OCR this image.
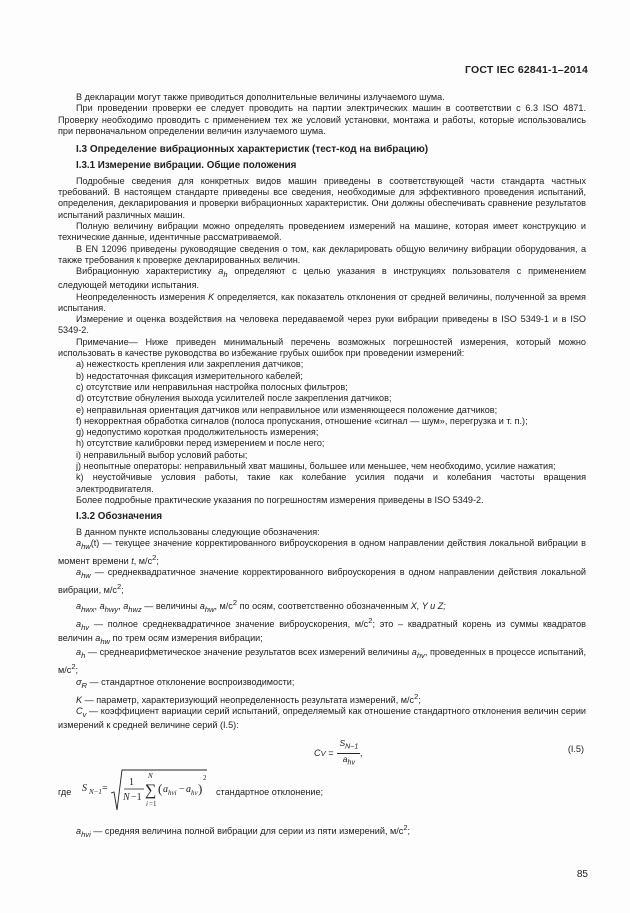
ГОСТ IEC 62841-1–2014

В декларации могут также приводиться дополнительные величины излучаемого шума.

При проведении проверки ее следует проводить на партии электрических машин в соответствии с 6.3 ISO 4871. Проверку необходимо проводить с применением тех же условий установки, монтажа и работы, которые использовались при первоначальном определении величин излучаемого шума.

I.3 Определение вибрационных характеристик (тест-код на вибрацию)
I.3.1 Измерение вибрации. Общие положения

Подробные сведения для конкретных видов машин приведены в соответствующей части стандарта частных требований. В настоящем стандарте приведены все сведения, необходимые для эффективного проведения испытаний, определения, декларирования и проверки вибрационных характеристик. Они должны обеспечивать сравнение результатов испытаний различных машин.

Полную величину вибрации можно определять проведением измерений на машине, которая имеет конструкцию и технические данные, идентичные рассматриваемой.

В EN 12096 приведены руководящие сведения о том, как декларировать общую величину вибрации оборудования, а также требования к проверке декларированных величин.

Вибрационную характеристику $a_h$ определяют с целью указания в инструкциях пользователя с применением следующей методики испытания.

Неопределенность измерения K определяется, как показатель отклонения от средней величины, полученной за время испытания.

Измерение и оценка воздействия на человека передаваемой через руки вибрации приведены в ISO 5349-1 и в ISO 5349-2.

Примечание— Ниже приведен минимальный перечень возможных погрешностей измерения, который можно использовать в качестве руководства во избежание грубых ошибок при проведении измерений:

a) нежесткость крепления или закрепления датчиков;

b) недостаточная фиксация измерительного кабелей;

c) отсутствие или неправильная настройка полосных фильтров;

d) отсутствие обнуления выхода усилителей после закрепления датчиков;

e) неправильная ориентация датчиков или неправильное или изменяющееся положение датчиков;

f) некорректная обработка сигналов (полоса пропускания, отношение «сигнал — шум», перегрузка и т. п.);

g) недопустимо короткая продолжительность измерения;

h) отсутствие калибровки перед измерением и после него;

i) неправильный выбор условий работы;

j) неопытные операторы: неправильный хват машины, большее или меньшее, чем необходимо, усилие нажатия;

k) неустойчивые условия работы, такие как колебание усилия подачи и колебания частоты вращения электродвигателя.

Более подробные практические указания по погрешностям измерения приведены в ISO 5349-2.

I.3.2 Обозначения

В данном пункте использованы следующие обозначения:

$a_{hw}(t)$ — текущее значение корректированного виброускорения в одном направлении действия локальной вибрации в момент времени t, $м/с^2$;

$a_{hw}$ — среднеквадратичное значение корректированного виброускорения в одном направлении действия локальной вибрации, $м/с^2$;

$a_{hwx}$, $a_{hwy}$, $a_{hwz}$ — величины $a_{hw}$, $м/с^2$ по осям, соответственно обозначенным X, Y и Z;

$a_{hv}$ — полное среднеквадратичное значение виброускорения, $м/с^2$; это – квадратный корень из суммы квадратов величин $a_{hw}$ по трем осям измерения вибрации;

$a_h$ — среднеарифметическое значение результатов всех измерений величины $a_{hv}$, проведенных в процессе испытаний, $м/с^2$;

$\sigma_R$ — стандартное отклонение воспроизводимости;

K — параметр, характеризующий неопределенность результата измерений, $м/с^2$;

$C_v$ — коэффициент вариации серий испытаний, определяемый как отношение стандартного отклонения величин серии измерений к средней величине серий (I.5):

C $V = \frac{S_{N-1}}{a_{hv}}$ ,	(I.5)
где S N−1 =
1
N −1
N
∑
i =1
( a hvi − a hv )
2
стандартное отклонение;

$a_{hvi}$ — средняя величина полной вибрации для серии из пяти измерений, $м/с^2$;

85
